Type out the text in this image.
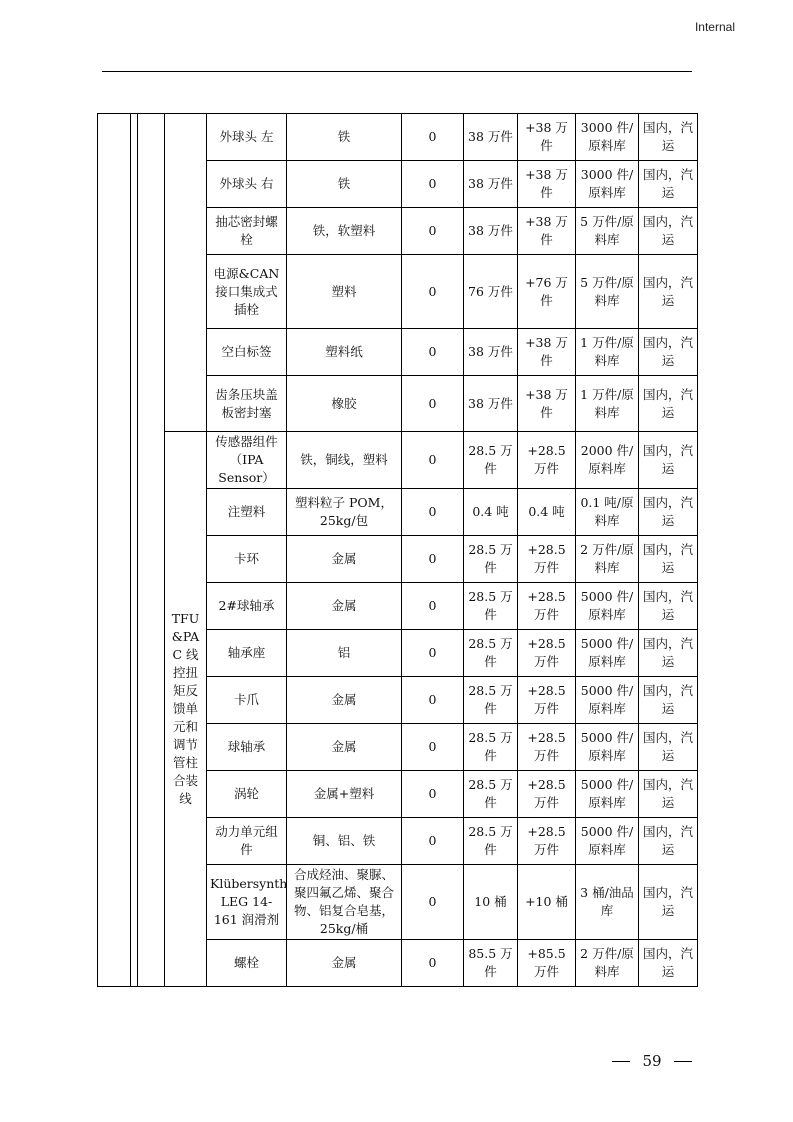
Internal
				外球头 左	铁	0	38 万件	+38 万件	3000 件/原料库	国内，汽运
				外球头 右	铁	0	38 万件	+38 万件	3000 件/原料库	国内，汽运
				抽芯密封螺栓	铁，软塑料	0	38 万件	+38 万件	5 万件/原料库	国内，汽运
				电源&CAN 接口集成式插栓	塑料	0	76 万件	+76 万件	5 万件/原料库	国内，汽运
				空白标签	塑料纸	0	38 万件	+38 万件	1 万件/原料库	国内，汽运
				齿条压块盖板密封塞	橡胶	0	38 万件	+38 万件	1 万件/原料库	国内，汽运
			TFU&PAC 线控扭矩反馈单元和调节管柱合装线	传感器组件（IPA Sensor）	铁，铜线，塑料	0	28.5 万件	+28.5 万件	2000 件/原料库	国内，汽运
				注塑料	塑料粒子 POM，25kg/包	0	0.4 吨	0.4 吨	0.1 吨/原料库	国内，汽运
				卡环	金属	0	28.5 万件	+28.5 万件	2 万件/原料库	国内，汽运
				2#球轴承	金属	0	28.5 万件	+28.5 万件	5000 件/原料库	国内，汽运
				轴承座	铝	0	28.5 万件	+28.5 万件	5000 件/原料库	国内，汽运
				卡爪	金属	0	28.5 万件	+28.5 万件	5000 件/原料库	国内，汽运
				球轴承	金属	0	28.5 万件	+28.5 万件	5000 件/原料库	国内，汽运
				涡轮	金属+塑料	0	28.5 万件	+28.5 万件	5000 件/原料库	国内，汽运
				动力单元组件	铜、铝、铁	0	28.5 万件	+28.5 万件	5000 件/原料库	国内，汽运
				Klübersynth LEG 14-161 润滑剂	合成烃油、聚脲、聚四氟乙烯、聚合物、铝复合皂基，25kg/桶	0	10 桶	+10 桶	3 桶/油品库	国内，汽运
				螺栓	金属	0	85.5 万件	+85.5 万件	2 万件/原料库	国内，汽运
59
